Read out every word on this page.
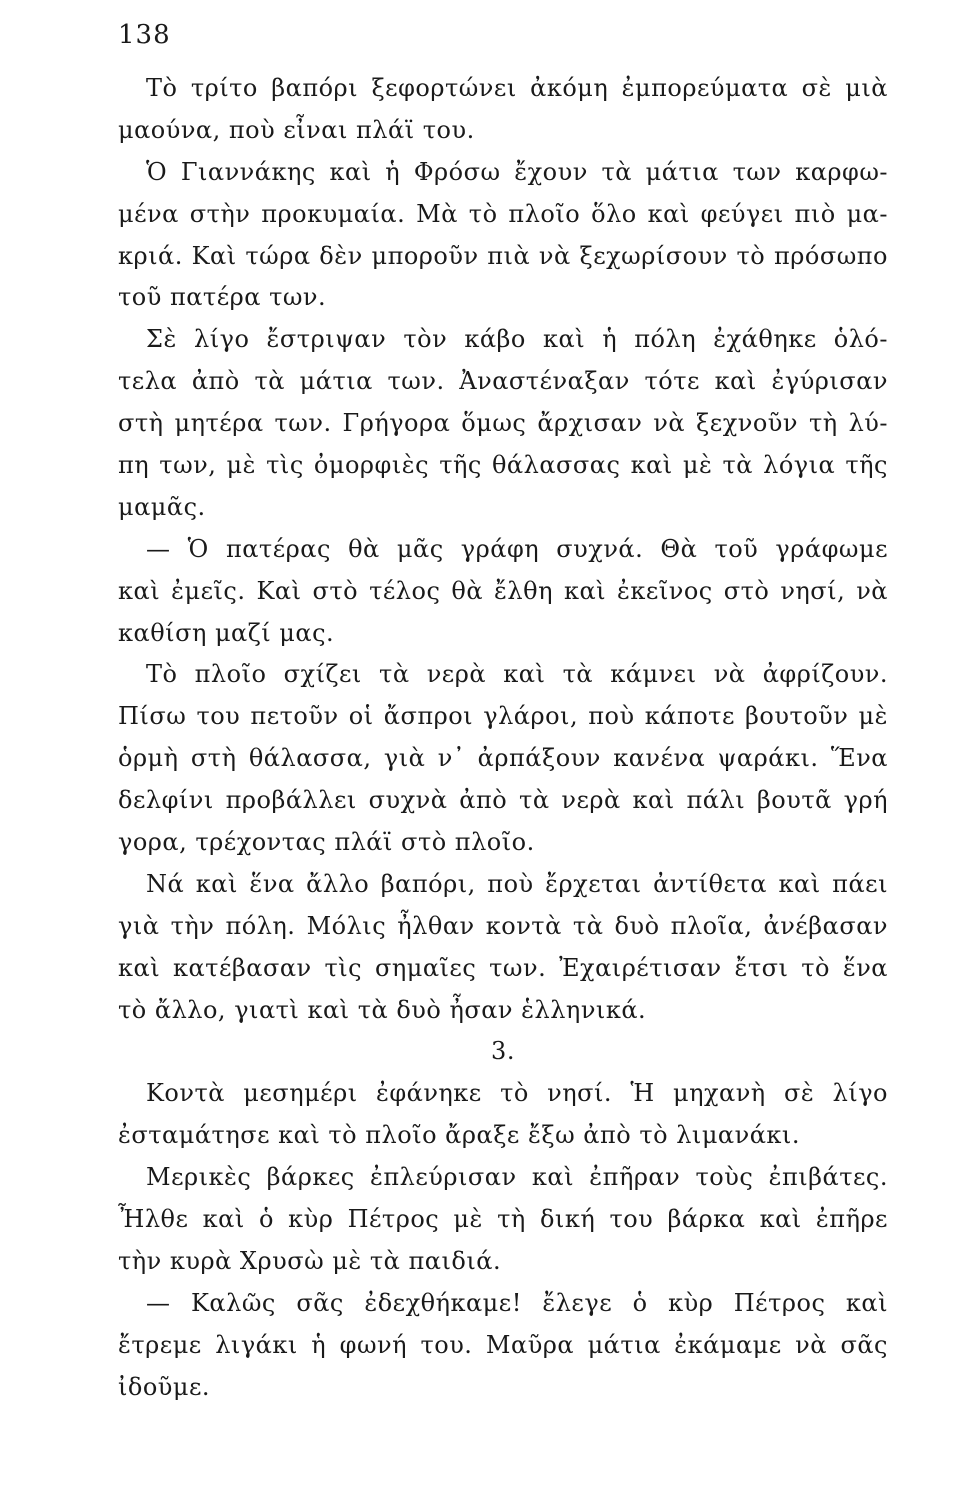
138
Τὸ τρίτο βαπόρι ξεφορτώνει ἀκόμη ἐμπορεύματα σὲ μιὰ
μαούνα, ποὺ εἶναι πλάϊ του.
Ὁ Γιαννάκης καὶ ἡ Φρόσω ἔχουν τὰ μάτια των καρφω-
μένα στὴν προκυμαία. Μὰ τὸ πλοῖο ὅλο καὶ φεύγει πιὸ μα-
κριά. Καὶ τώρα δὲν μποροῦν πιὰ νὰ ξεχωρίσουν τὸ πρόσωπο
τοῦ πατέρα των.
Σὲ λίγο ἔστριψαν τὸν κάβο καὶ ἡ πόλη ἐχάθηκε ὁλό-
τελα ἀπὸ τὰ μάτια των. Ἀναστέναξαν τότε καὶ ἐγύρισαν
στὴ μητέρα των. Γρήγορα ὅμως ἄρχισαν νὰ ξεχνοῦν τὴ λύ-
πη των, μὲ τὶς ὀμορφιὲς τῆς θάλασσας καὶ μὲ τὰ λόγια τῆς
μαμᾶς.
— Ὁ πατέρας θὰ μᾶς γράφη συχνά. Θὰ τοῦ γράφωμε
καὶ ἐμεῖς. Καὶ στὸ τέλος θὰ ἔλθη καὶ ἐκεῖνος στὸ νησί, νὰ
καθίση μαζί μας.
Τὸ πλοῖο σχίζει τὰ νερὰ καὶ τὰ κάμνει νὰ ἀφρίζουν.
Πίσω του πετοῦν οἱ ἄσπροι γλάροι, ποὺ κάποτε βουτοῦν μὲ
ὁρμὴ στὴ θάλασσα, γιὰ ν᾽ ἀρπάξουν κανένα ψαράκι. Ἕνα
δελφίνι προβάλλει συχνὰ ἀπὸ τὰ νερὰ καὶ πάλι βουτᾶ γρή
γορα, τρέχοντας πλάϊ στὸ πλοῖο.
Νά καὶ ἕνα ἄλλο βαπόρι, ποὺ ἔρχεται ἀντίθετα καὶ πάει
γιὰ τὴν πόλη. Μόλις ἦλθαν κοντὰ τὰ δυὸ πλοῖα, ἀνέβασαν
καὶ κατέβασαν τὶς σημαῖες των. Ἐχαιρέτισαν ἔτσι τὸ ἕνα
τὸ ἄλλο, γιατὶ καὶ τὰ δυὸ ἦσαν ἑλληνικά.
3.
Κοντὰ μεσημέρι ἐφάνηκε τὸ νησί. Ἡ μηχανὴ σὲ λίγο
ἐσταμάτησε καὶ τὸ πλοῖο ἄραξε ἔξω ἀπὸ τὸ λιμανάκι.
Μερικὲς βάρκες ἐπλεύρισαν καὶ ἐπῆραν τοὺς ἐπιβάτες.
Ἦλθε καὶ ὁ κὺρ Πέτρος μὲ τὴ δική του βάρκα καὶ ἐπῆρε
τὴν κυρὰ Χρυσὼ μὲ τὰ παιδιά.
— Καλῶς σᾶς ἐδεχθήκαμε! ἔλεγε ὁ κὺρ Πέτρος καὶ
ἔτρεμε λιγάκι ἡ φωνή του. Μαῦρα μάτια ἐκάμαμε νὰ σᾶς
ἰδοῦμε.
